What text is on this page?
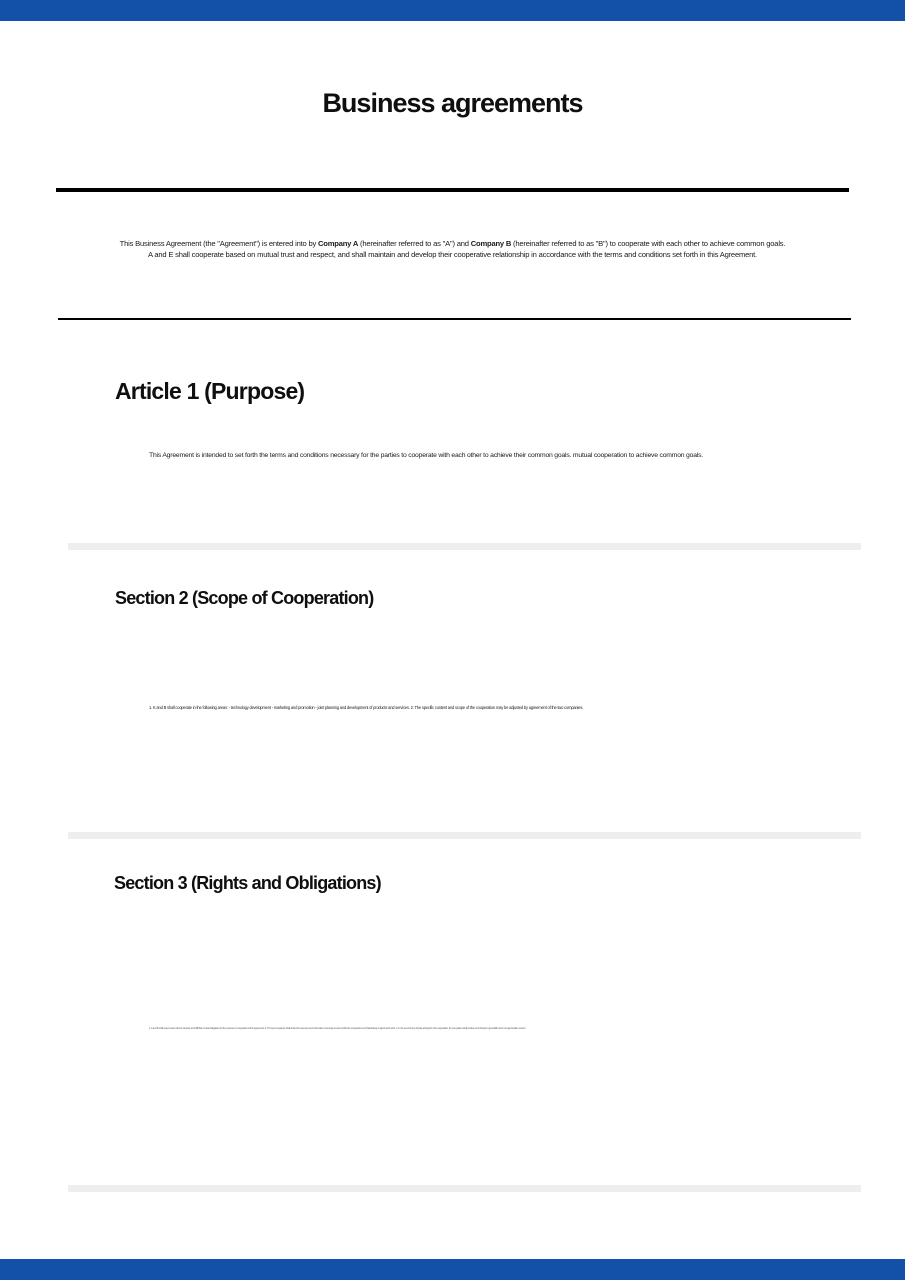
Business agreements
This Business Agreement (the "Agreement") is entered into by Company A (hereinafter referred to as "A") and Company B (hereinafter referred to as "B") to cooperate with each other to achieve common goals.
A and E shall cooperate based on mutual trust and respect, and shall maintain and develop their cooperative relationship in accordance with the terms and conditions set forth in this Agreement.
Article 1 (Purpose)
This Agreement is intended to set forth the terms and conditions necessary for the parties to cooperate with each other to achieve their common goals. mutual cooperation to achieve common goals.
Section 2 (Scope of Cooperation)
1. K and B shall cooperate in the following areas: - technology development - marketing and promotion - joint planning and development of products and services. 2. The specific content and scope of the cooperation may be adjusted by agreement of the two companies.
Section 3 (Rights and Obligations)
1. A and B shall respect each other's interests and fulfill their mutual obligations for the purpose of cooperation in this Agreement. 2. The two companies shall share the resources and information necessary to accomplish the cooperation and shall actively support each other. 3. In the event of any dispute arising from the cooperation, the two parties shall resolve such dispute in good faith and in an appropriate manner.
